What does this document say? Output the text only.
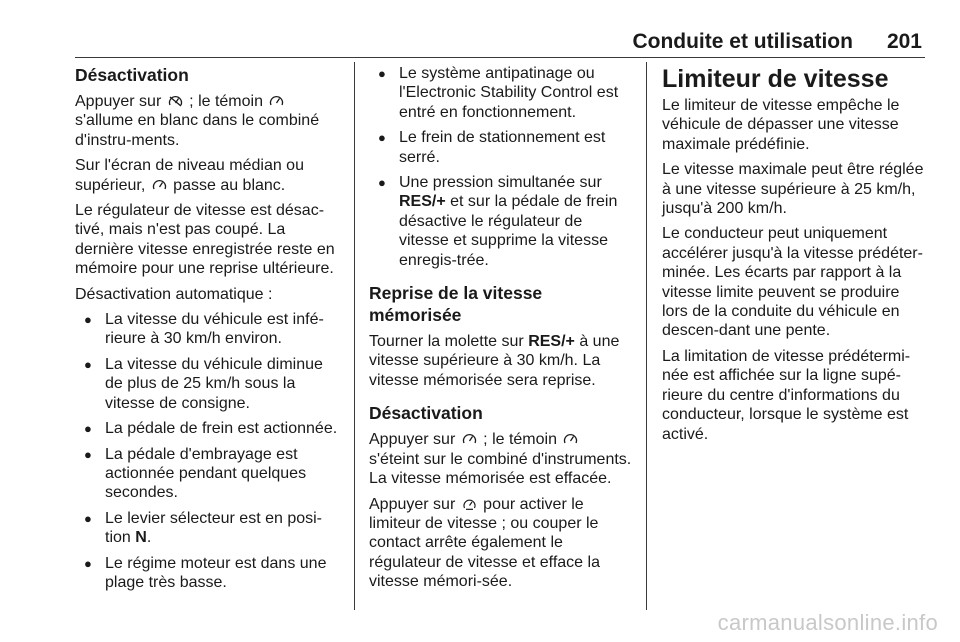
Conduite et utilisation 201
Désactivation

Appuyer sur ; le témoin
s'allume en blanc dans le combiné d'instru-ments.

Sur l'écran de niveau médian ou supérieur, passe au blanc.

Le régulateur de vitesse est désac-tivé, mais n'est pas coupé. La dernière vitesse enregistrée reste en mémoire pour une reprise ultérieure.

Désactivation automatique :

● La vitesse du véhicule est infé-rieure à 30 km/h environ.
● La vitesse du véhicule diminue de plus de 25 km/h sous la vitesse de consigne.
● La pédale de frein est actionnée.
● La pédale d'embrayage est actionnée pendant quelques secondes.
● Le levier sélecteur est en posi-tion N.
● Le régime moteur est dans une plage très basse.
● Le système antipatinage ou l'Electronic Stability Control est entré en fonctionnement.
● Le frein de stationnement est serré.
● Une pression simultanée sur RES/+ et sur la pédale de frein désactive le régulateur de vitesse et supprime la vitesse enregis-trée.
Reprise de la vitesse mémorisée

Tourner la molette sur RES/+ à une vitesse supérieure à 30 km/h. La vitesse mémorisée sera reprise.

Désactivation

Appuyer sur ; le témoin
s'éteint sur le combiné d'instruments. La vitesse mémorisée est effacée.

Appuyer sur pour activer le limiteur de vitesse ; ou couper le contact arrête également le régulateur de vitesse et efface la vitesse mémori-sée.

Limiteur de vitesse

Le limiteur de vitesse empêche le véhicule de dépasser une vitesse maximale prédéfinie.

Le vitesse maximale peut être réglée à une vitesse supérieure à 25 km/h, jusqu'à 200 km/h.

Le conducteur peut uniquement accélérer jusqu'à la vitesse prédéter-minée. Les écarts par rapport à la vitesse limite peuvent se produire lors de la conduite du véhicule en descen-dant une pente.

La limitation de vitesse prédétermi-née est affichée sur la ligne supé-rieure du centre d'informations du conducteur, lorsque le système est activé.

carmanualsonline.info
